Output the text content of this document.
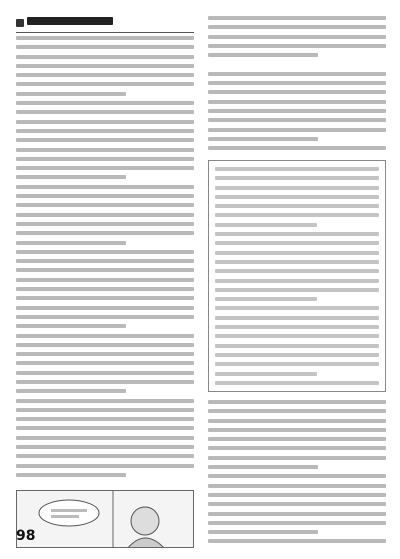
98
